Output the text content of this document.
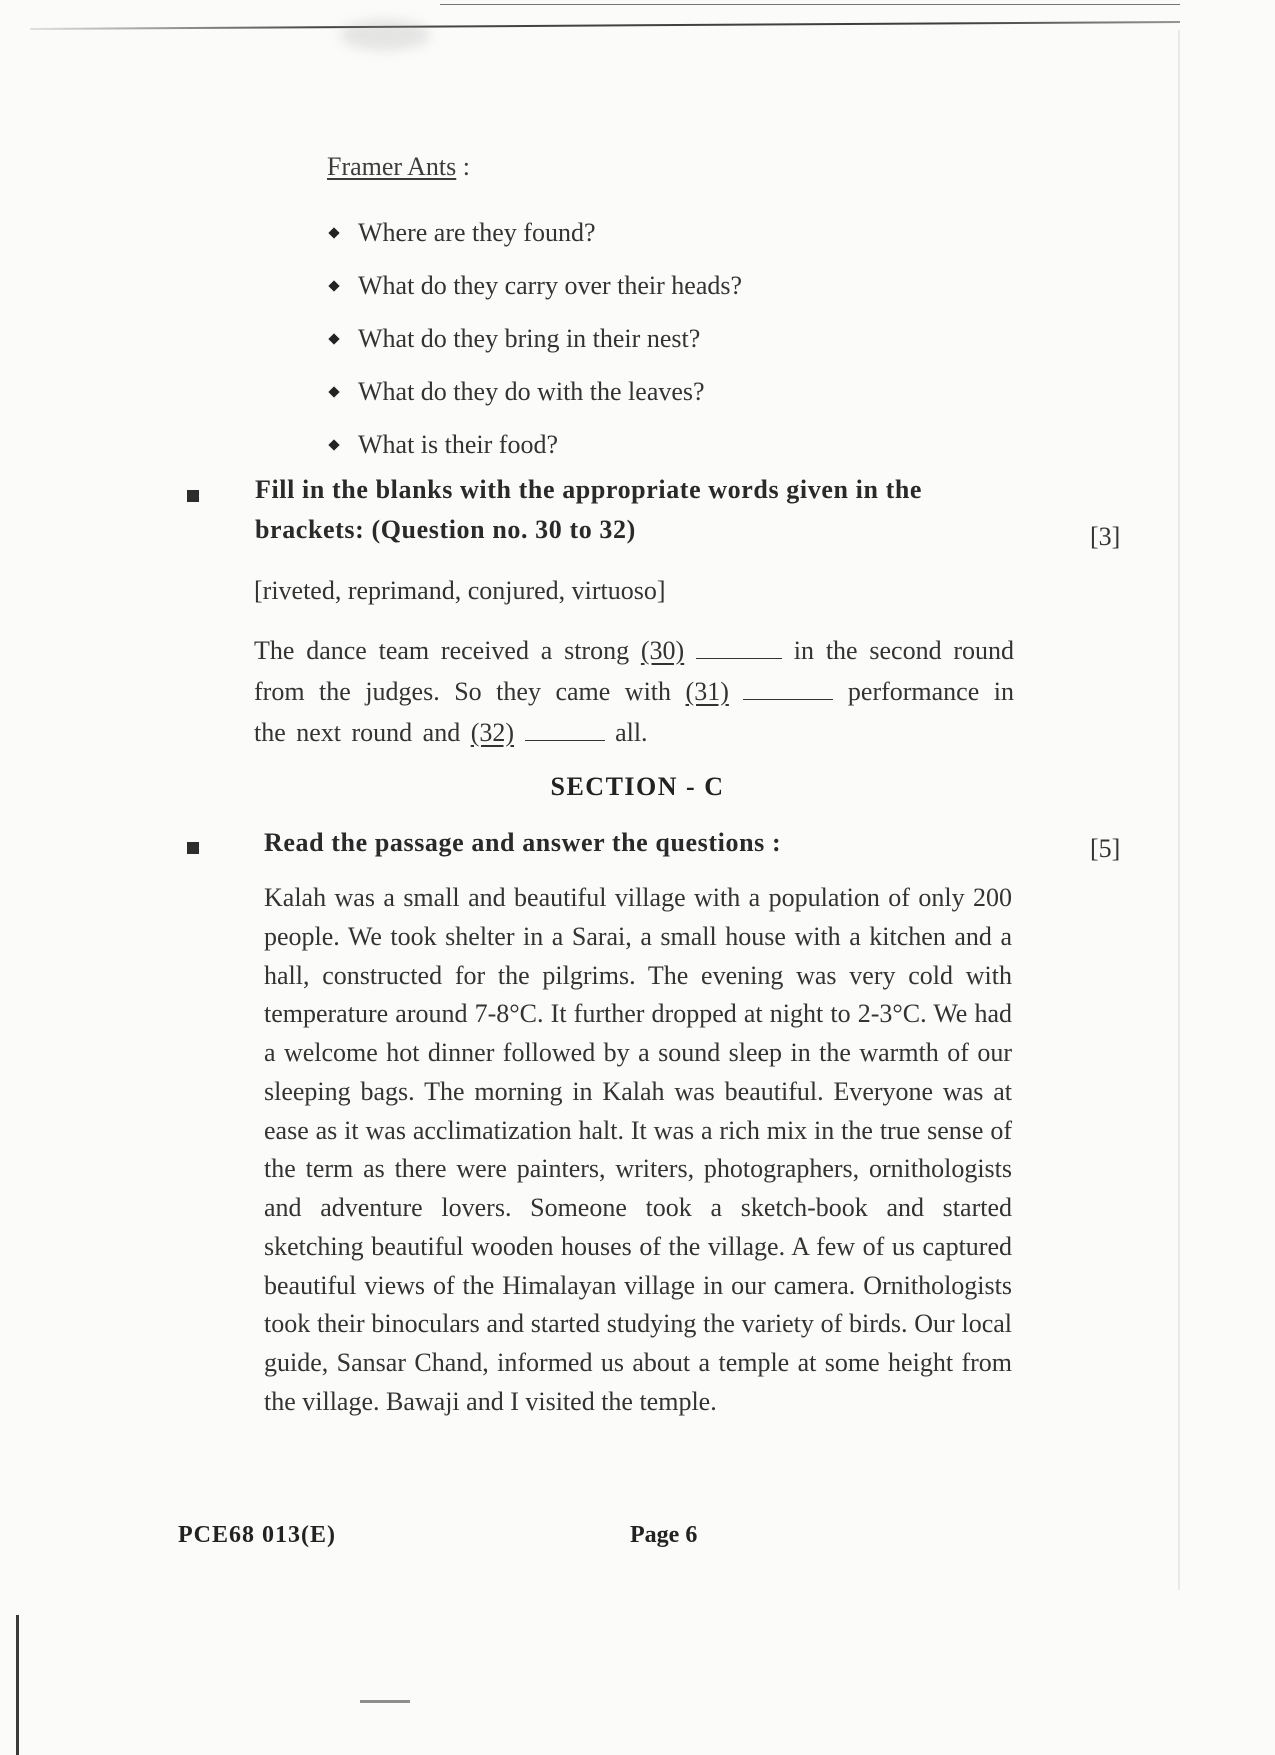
Framer Ants :
Where are they found?
What do they carry over their heads?
What do they bring in their nest?
What do they do with the leaves?
What is their food?
Fill in the blanks with the appropriate words given in the
brackets: (Question no. 30 to 32)	[3]
[riveted, reprimand, conjured, virtuoso]
The dance team received a strong (30)	in the second round from the judges. So they came with (31)	performance in the next round and (32)	all.
SECTION - C
Read the passage and answer the questions :	[5]
Kalah was a small and beautiful village with a population of only 200 people. We took shelter in a Sarai, a small house with a kitchen and a hall, constructed for the pilgrims. The evening was very cold with temperature around 7-8°C. It further dropped at night to 2-3°C. We had a welcome hot dinner followed by a sound sleep in the warmth of our sleeping bags. The morning in Kalah was beautiful. Everyone was at ease as it was acclimatization halt. It was a rich mix in the true sense of the term as there were painters, writers, photographers, ornithologists and adventure lovers. Someone took a sketch-book and started sketching beautiful wooden houses of the village. A few of us captured beautiful views of the Himalayan village in our camera. Ornithologists took their binoculars and started studying the variety of birds. Our local guide, Sansar Chand, informed us about a temple at some height from the village. Bawaji and I visited the temple.
PCE68 013(E)	Page 6
